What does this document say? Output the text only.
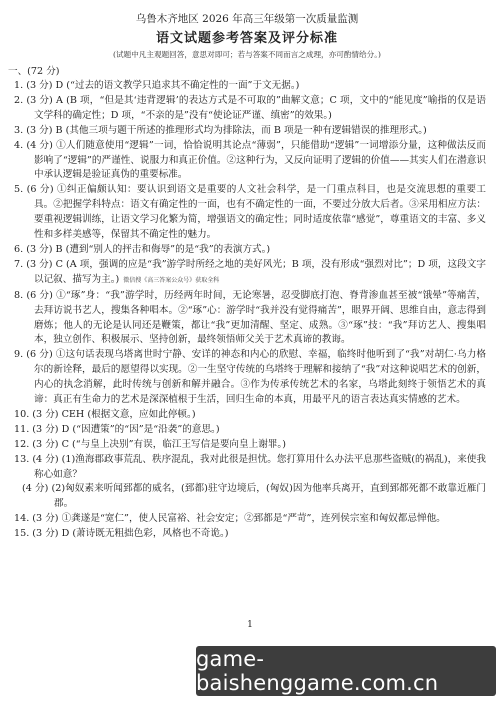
乌鲁木齐地区 2026 年高三年级第一次质量监测
语文试题参考答案及评分标准
(试题中凡主观题回答，意思对即可；若与答案不同而言之成理，亦可酌情给分。)
一、(72 分)
1. (3 分) D (“过去的语文教学只追求其不确定性的一面”于文无据。)
2. (3 分) A (B 项，“但是其‘违背逻辑’的表达方式是不可取的”曲解文意；C 项，文中的“能见度”喻指的仅是语文学科的确定性；D 项，“不亲的是”没有“使论证严谨、缜密”的效果。)
3. (3 分) B (其他三项与题干所述的推理形式均为排除法，而 B 项是一种有逻辑错误的推理形式。)
4. (4 分) ①人们随意使用“逻辑”一词，恰恰说明其论点“薄弱”，只能借助“逻辑”一词增添分量，这种做法反而影响了“逻辑”的严谨性、说服力和真正价值。②这种行为，又反向证明了逻辑的价值——其实人们在潜意识中承认逻辑是验证真伪的重要标准。
5. (6 分) ①纠正偏颇认知：要认识到语文是重要的人文社会科学，是一门重点科目，也是交流思想的重要工具。②把握学科特点：语文有确定性的一面，也有不确定性的一面，不要过分放大后者。③采用相应方法：要重视逻辑训练，让语文学习化繁为简，增强语文的确定性；同时适度依靠“感觉”，尊重语文的丰富、多义性和多样美感等，保留其不确定性的魅力。
6. (3 分) B (遭到“别人的抨击和侮辱”的是“我”的表演方式。)
7. (3 分) C (A 项，强调的应是“我”游学时所经之地的美好风光；B 项，没有形成“强烈对比”；D 项，这段文字以记叙、描写为主。) 微信搜《高三答案公众号》获取全科
8. (6 分) ①“琢”身：“我”游学时，历经两年时间，无论寒暑，忍受脚底打泡、脊背渗血甚至被“饿晕”等痛苦，去拜访说书艺人，搜集各种唱本。②“琢”心：游学时“我并没有觉得痛苦”，眼界开阔、思维自由，意志得到磨炼；他人的无论是认同还是鞭策，都让“我”更加清醒、坚定、成熟。③“琢”技：“我”拜访艺人、搜集唱本，独立创作、积极展示、坚持创新，最终领悟师父关于艺术真谛的教诲。
9. (6 分) ①这句话表现乌塔离世时宁静、安详的神态和内心的欣慰、幸福，临终时他听到了“我”对胡仁·乌力格尔的新诠释，最后的愿望得以实现。②一生坚守传统的乌塔终于理解和接纳了“我”对这种说唱艺术的创新，内心的执念消解，此时传统与创新和解并融合。③作为传承传统艺术的名家，乌塔此刻终于领悟艺术的真谛：真正有生命力的艺术是深深植根于生活，回归生命的本真，用最平凡的语言表达真实情感的艺术。
10. (3 分) CEH (根据文意，应如此停顿。)
11. (3 分) D (“因遭策”的“因”是“沿袭”的意思。)
12. (3 分) C (“与皇上决别”有误，临江王写信是要向皇上谢罪。)
13. (4 分) (1)渔海郡政事荒乱、秩序混乱，我对此很是担忧。您打算用什么办法平息那些盗贼(的祸乱)，来使我称心如意？
(4 分) (2)匈奴素来听闻郅都的威名，(郅都)驻守边境后，(匈奴)因为他率兵离开，直到郅都死都不敢靠近雁门郡。
14. (3 分) ①龚遂是“宽仁”，使人民富裕、社会安定；②郅都是“严苛”，连列侯宗室和匈奴都忌惮他。
15. (3 分) D (萧诗既无粗拙色彩，风格也不奇诡。)
1
game-baishenggame.com.cn
